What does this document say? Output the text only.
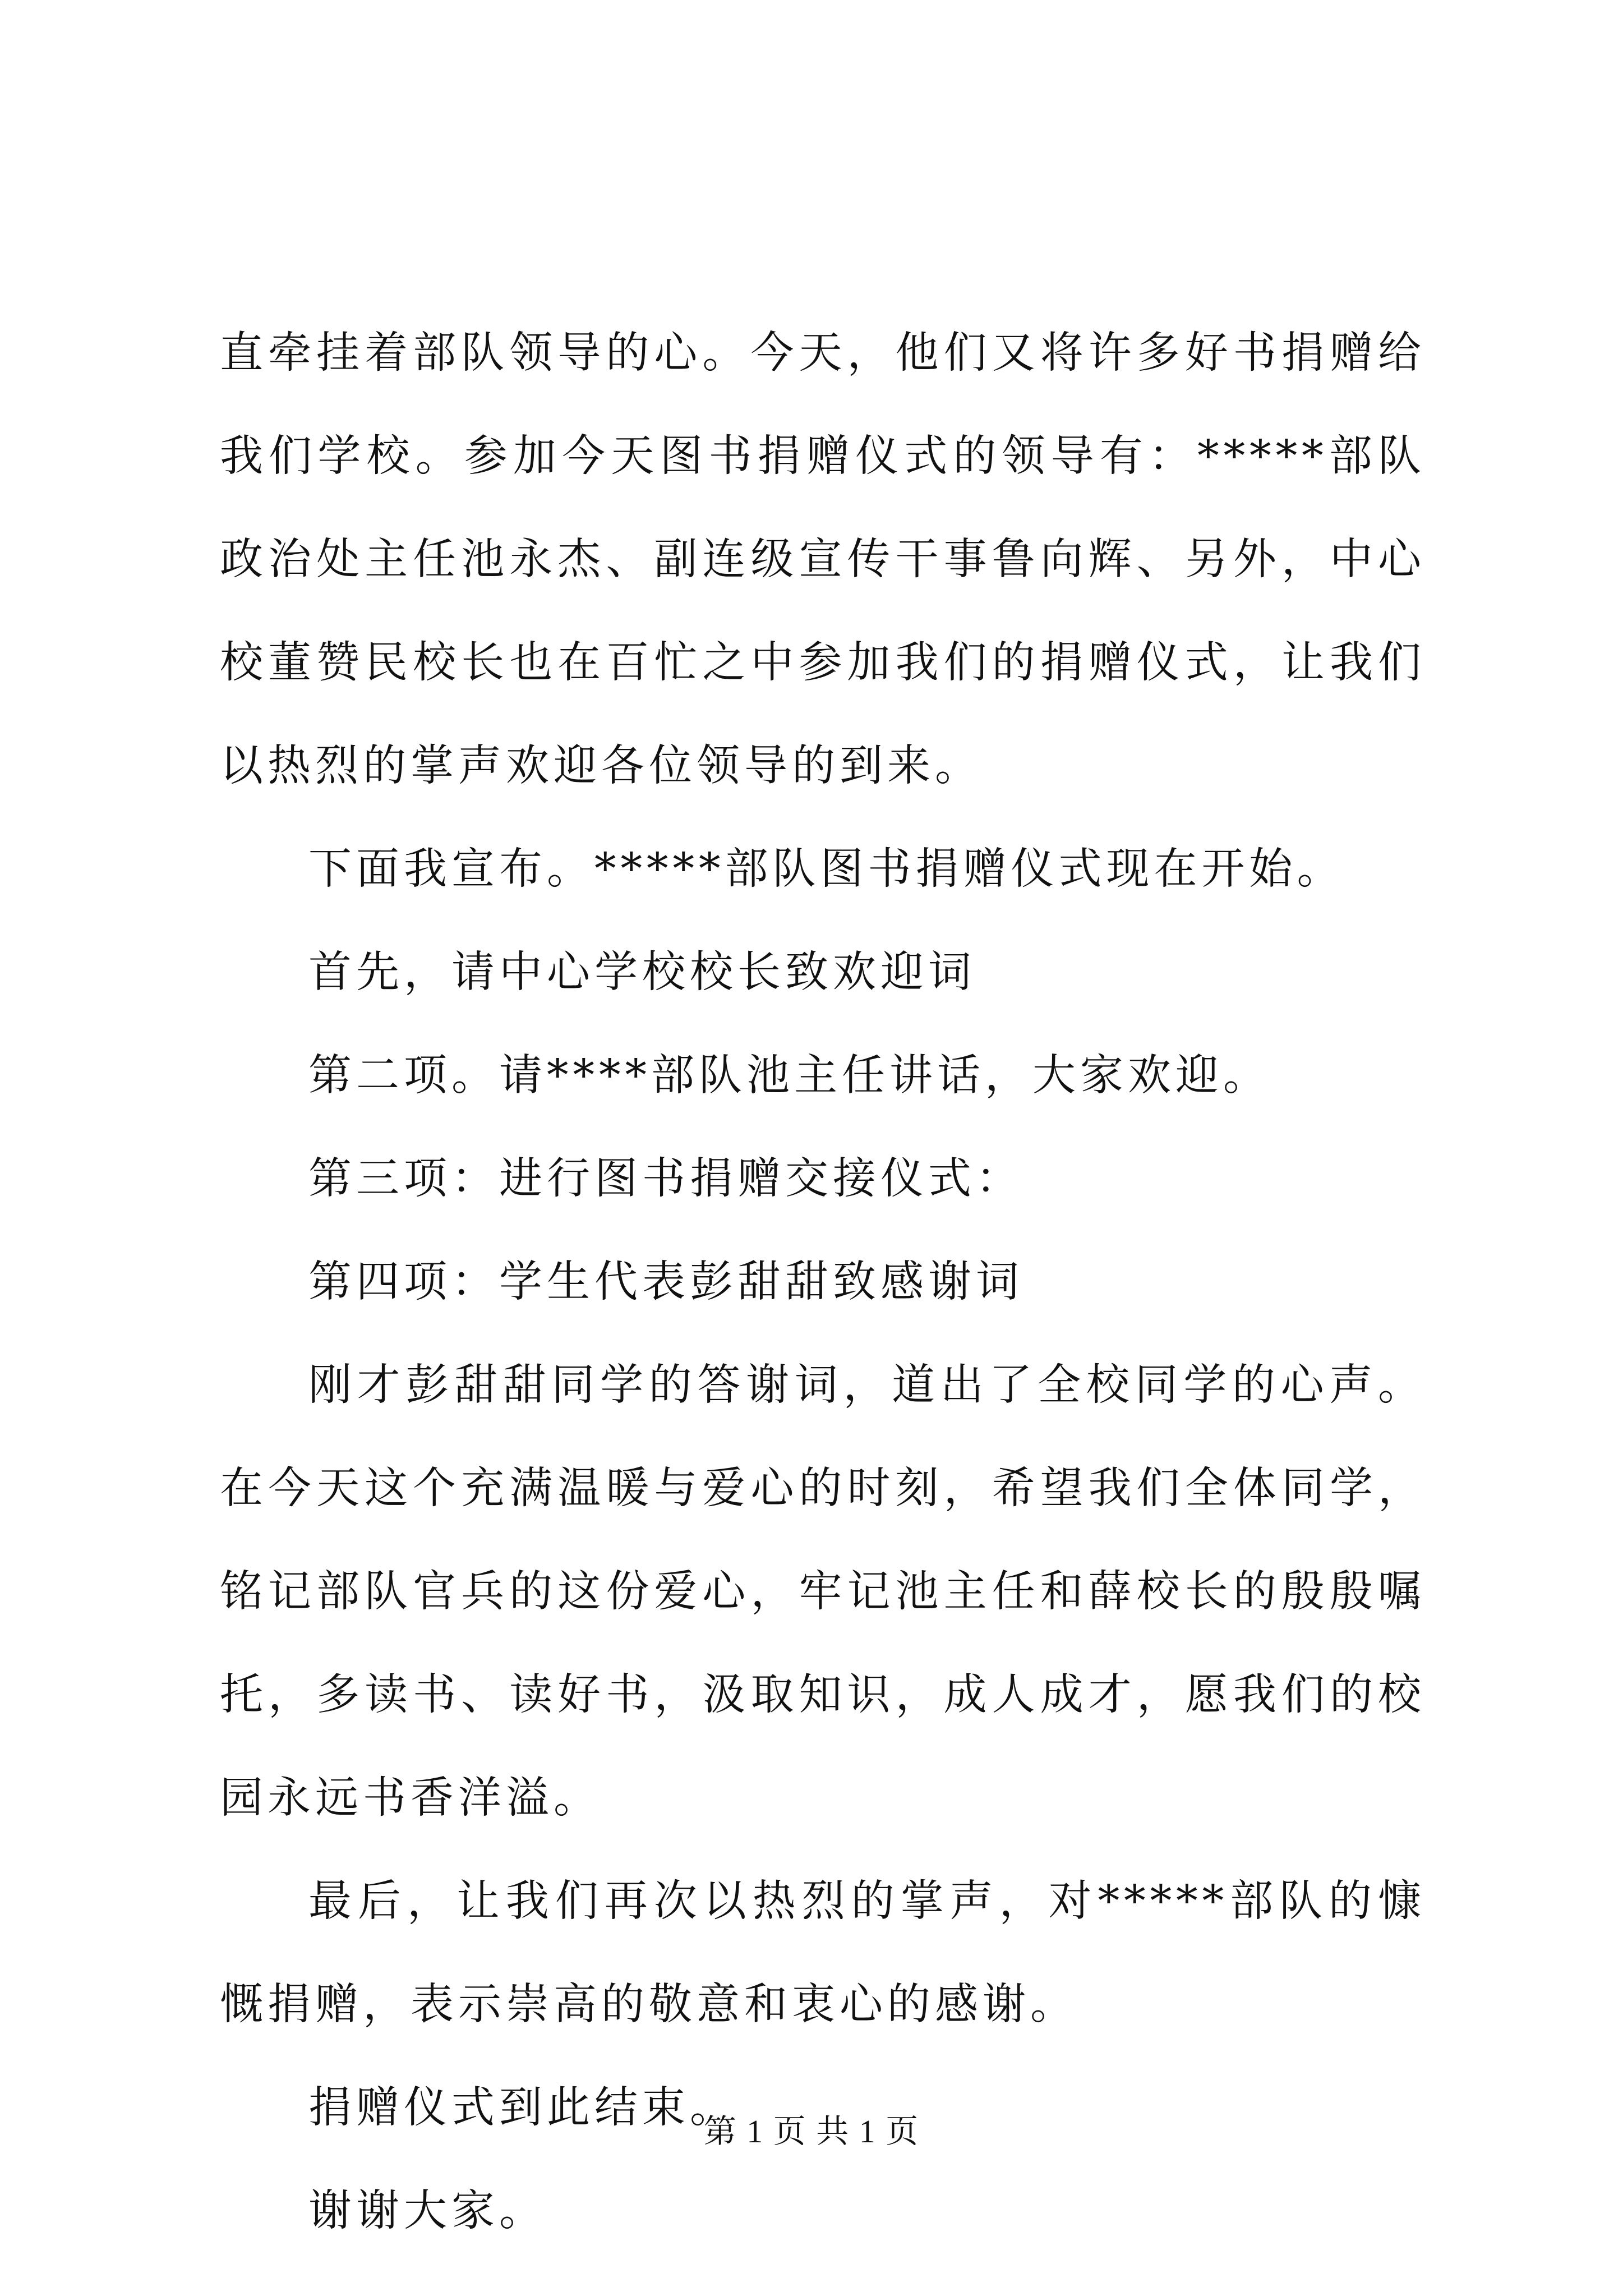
直牵挂着部队领导的心。今天，他们又将许多好书捐赠给我们学校。参加今天图书捐赠仪式的领导有：*****部队政治处主任池永杰、副连级宣传干事鲁向辉、另外，中心校董赞民校长也在百忙之中参加我们的捐赠仪式，让我们以热烈的掌声欢迎各位领导的到来。

下面我宣布。*****部队图书捐赠仪式现在开始。

首先，请中心学校校长致欢迎词

第二项。请****部队池主任讲话，大家欢迎。

第三项：进行图书捐赠交接仪式：

第四项：学生代表彭甜甜致感谢词

刚才彭甜甜同学的答谢词，道出了全校同学的心声。在今天这个充满温暖与爱心的时刻，希望我们全体同学，铭记部队官兵的这份爱心，牢记池主任和薛校长的殷殷嘱托，多读书、读好书，汲取知识，成人成才，愿我们的校园永远书香洋溢。

最后，让我们再次以热烈的掌声，对*****部队的慷慨捐赠，表示崇高的敬意和衷心的感谢。

捐赠仪式到此结束。

谢谢大家。

第 1 页 共 1 页
